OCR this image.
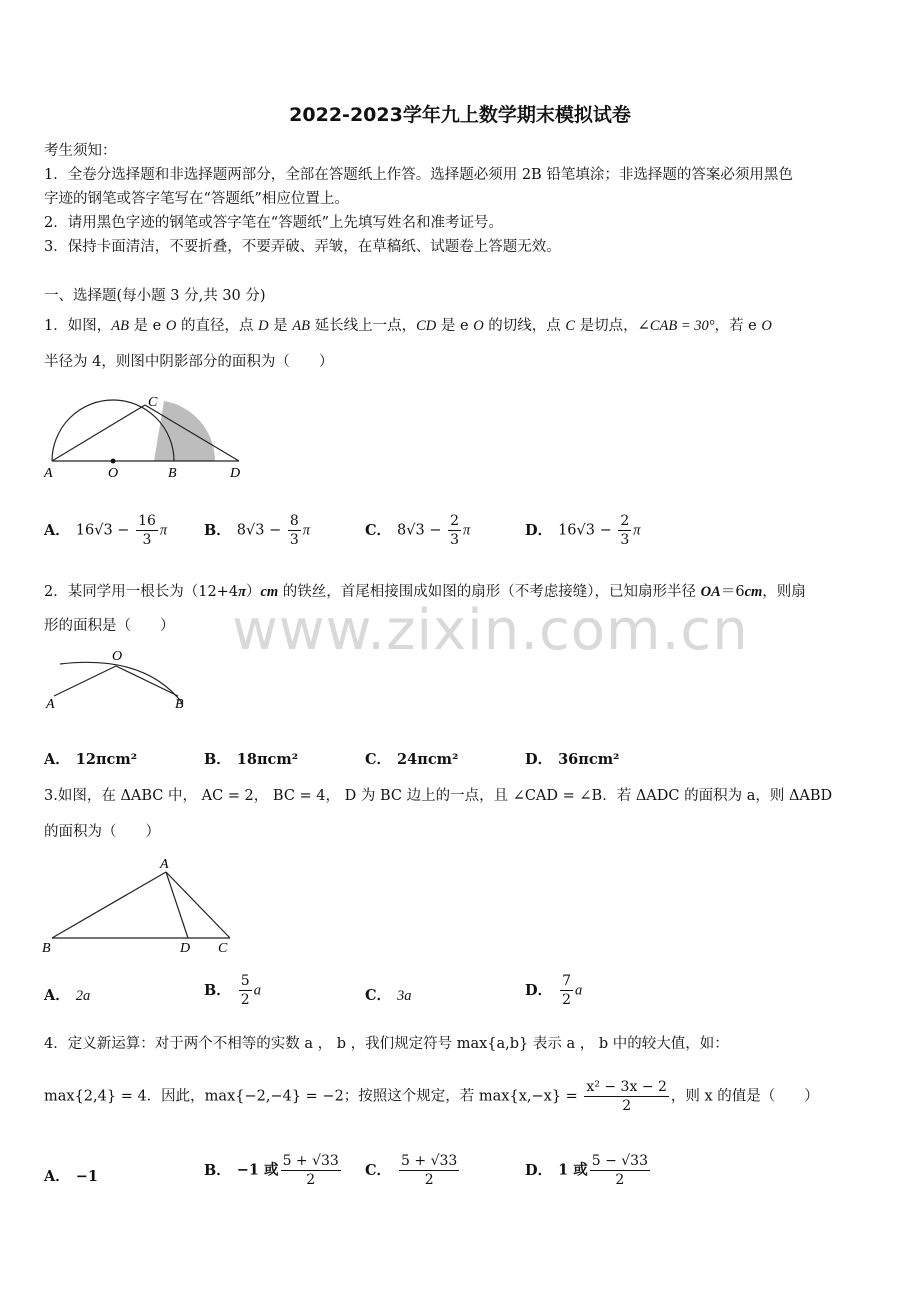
2022-2023学年九上数学期末模拟试卷
考生须知：
1．全卷分选择题和非选择题两部分，全部在答题纸上作答。选择题必须用 2B 铅笔填涂；非选择题的答案必须用黑色
字迹的钢笔或答字笔写在“答题纸”相应位置上。
2．请用黑色字迹的钢笔或答字笔在“答题纸”上先填写姓名和准考证号。
3．保持卡面清洁，不要折叠，不要弄破、弄皱，在草稿纸、试题卷上答题无效。
一、选择题(每小题 3 分,共 30 分)
1．如图，AB 是 e O 的直径，点 D 是 AB 延长线上一点，CD 是 e O 的切线，点 C 是切点，∠CAB = 30°，若 e O
半径为 4，则图中阴影部分的面积为（　　）
A	O	B
C
D
A． $16√3 - \frac{16}{3}$ π	B． $8√3 - \frac{8}{3}$ π	C． $8√3 - \frac{2}{3}$ π	D． $16√3 - \frac{2}{3}$ π
www.zixin.com.cn
2．某同学用一根长为（12+4π）cm 的铁丝，首尾相接围成如图的扇形（不考虑接缝），已知扇形半径 OA＝6cm，则扇
形的面积是（　　）
O
A	B
A． 12πcm²	B． 18πcm²	C． 24πcm²	D． 36πcm²
3.如图，在 ΔABC 中， AC = 2， BC = 4， D 为 BC 边上的一点，且 ∠CAD = ∠B．若 ΔADC 的面积为 a，则 ΔABD
的面积为（　　）
A
B	D C
A． 2a	B． $\frac{5}{2}$ a	C． 3a	D． $\frac{7}{2}$ a
4．定义新运算：对于两个不相等的实数 a ， b ，我们规定符号 max{a,b} 表示 a ， b 中的较大值，如：
max{2,4} = 4．因此，max{−2,−4} = −2；按照这个规定，若 $\max\{x,-x\} = \frac{\text{x² − 3x − 2}}{2}$ ，则 x 的值是（　　）
A． −1	B． −1 或 $\frac{5 + √33}{2}$ C． $\frac{5 + √33}{2}$	D． 1 或 $\frac{5 - √33}{2}$
